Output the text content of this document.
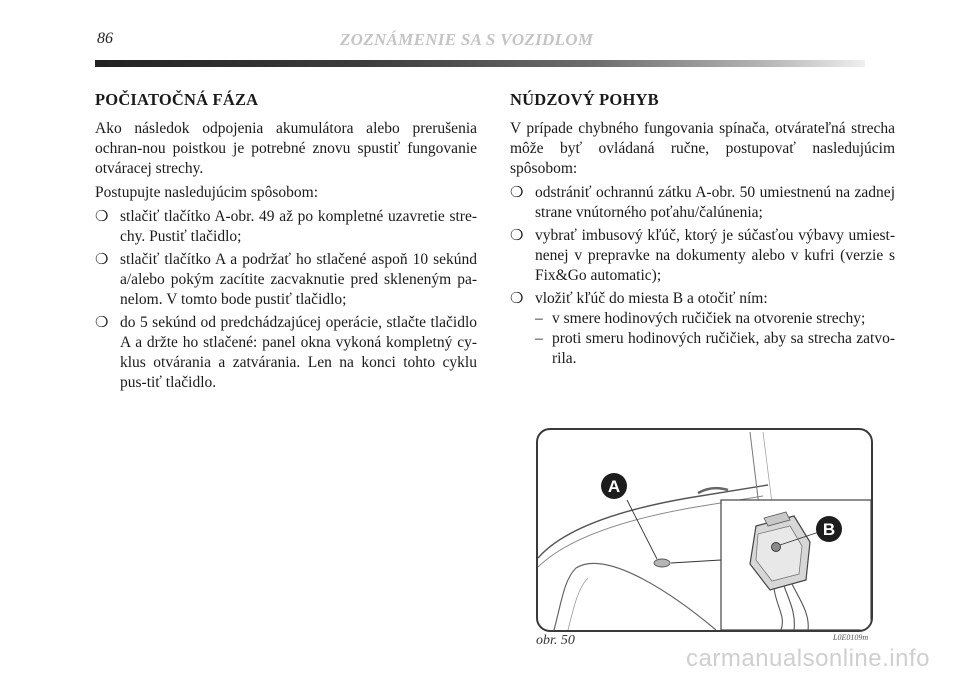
86	ZOZNÁMENIE SA S VOZIDLOM
POČIATOČNÁ FÁZA

Ako následok odpojenia akumulátora alebo prerušenia ochran-nou poistkou je potrebné znovu spustiť fungovanie otváracej strechy.

Postupujte nasledujúcim spôsobom:

❍ stlačiť tlačítko A-obr. 49 až po kompletné uzavretie stre-chy. Pustiť tlačidlo;
❍ stlačiť tlačítko A a podržať ho stlačené aspoň 10 sekúnd a/alebo pokým zacítite zacvaknutie pred skleneným pa-nelom. V tomto bode pustiť tlačidlo;
❍ do 5 sekúnd od predchádzajúcej operácie, stlačte tlačidlo A a držte ho stlačené: panel okna vykoná kompletný cy-klus otvárania a zatvárania. Len na konci tohto cyklu pus-tiť tlačidlo.
NÚDZOVÝ POHYB

V prípade chybného fungovania spínača, otvárateľná strecha môže byť ovládaná ručne, postupovať nasledujúcim spôsobom:

❍ odstrániť ochrannú zátku A-obr. 50 umiestnenú na zadnej strane vnútorného poťahu/čalúnenia;
❍ vybrať imbusový kľúč, ktorý je súčasťou výbavy umiest-nenej v prepravke na dokumenty alebo v kufri (verzie s Fix&Go automatic);
❍ vložiť kľúč do miesta B a otočiť ním:
– v smere hodinových ručičiek na otvorenie strechy;
– proti smeru hodinových ručičiek, aby sa strecha zatvo-rila.
A
B
obr. 50	L0E0109m
carmanualsonline.info
